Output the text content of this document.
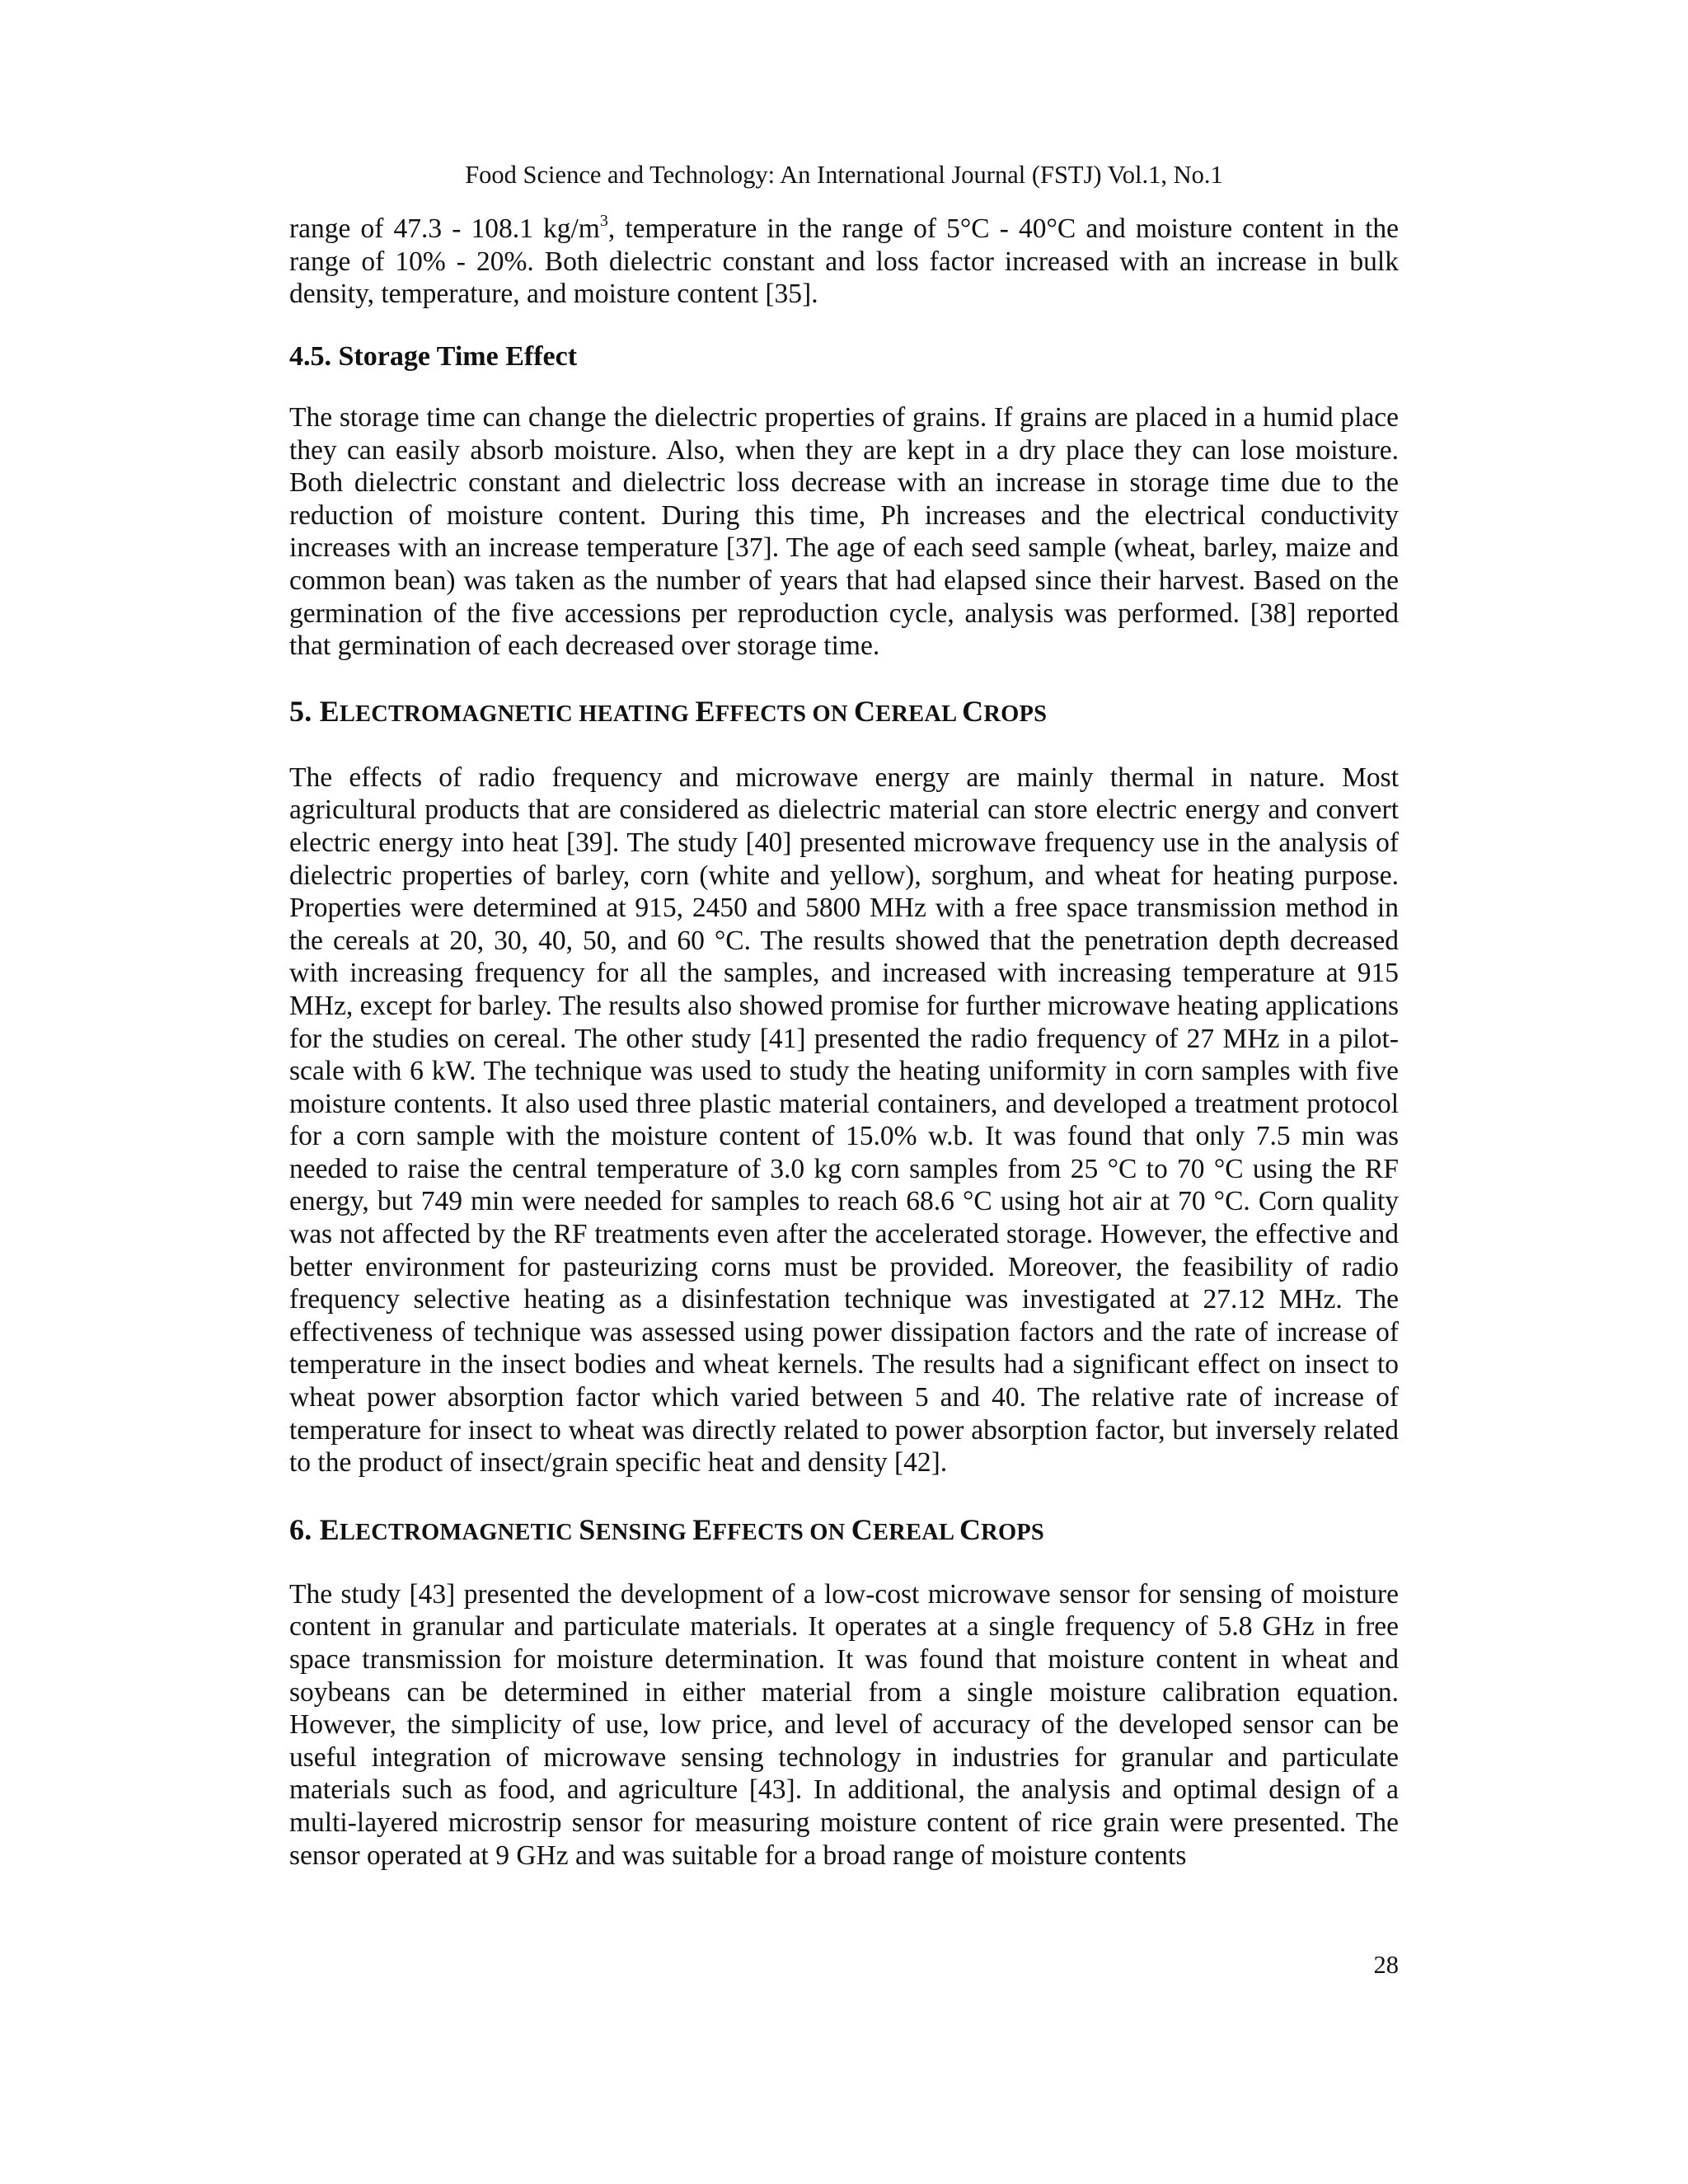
Food Science and Technology: An International Journal (FSTJ) Vol.1, No.1

range of 47.3 - 108.1 $kg/m^3$, temperature in the range of 5°C - 40°C and moisture content in the range of 10% - 20%. Both dielectric constant and loss factor increased with an increase in bulk density, temperature, and moisture content [35].

4.5. Storage Time Effect

The storage time can change the dielectric properties of grains. If grains are placed in a humid place they can easily absorb moisture. Also, when they are kept in a dry place they can lose moisture. Both dielectric constant and dielectric loss decrease with an increase in storage time due to the reduction of moisture content. During this time, Ph increases and the electrical conductivity increases with an increase temperature [37]. The age of each seed sample (wheat, barley, maize and common bean) was taken as the number of years that had elapsed since their harvest. Based on the germination of the five accessions per reproduction cycle, analysis was performed. [38] reported that germination of each decreased over storage time.

5. ELECTROMAGNETIC HEATING EFFECTS ON CEREAL CROPS

The effects of radio frequency and microwave energy are mainly thermal in nature. Most agricultural products that are considered as dielectric material can store electric energy and convert electric energy into heat [39]. The study [40] presented microwave frequency use in the analysis of dielectric properties of barley, corn (white and yellow), sorghum, and wheat for heating purpose. Properties were determined at 915, 2450 and 5800 MHz with a free space transmission method in the cereals at 20, 30, 40, 50, and 60 °C. The results showed that the penetration depth decreased with increasing frequency for all the samples, and increased with increasing temperature at 915 MHz, except for barley. The results also showed promise for further microwave heating applications for the studies on cereal. The other study [41] presented the radio frequency of 27 MHz in a pilot-scale with 6 kW. The technique was used to study the heating uniformity in corn samples with five moisture contents. It also used three plastic material containers, and developed a treatment protocol for a corn sample with the moisture content of 15.0% w.b. It was found that only 7.5 min was needed to raise the central temperature of 3.0 kg corn samples from 25 °C to 70 °C using the RF energy, but 749 min were needed for samples to reach 68.6 °C using hot air at 70 °C. Corn quality was not affected by the RF treatments even after the accelerated storage. However, the effective and better environment for pasteurizing corns must be provided. Moreover, the feasibility of radio frequency selective heating as a disinfestation technique was investigated at 27.12 MHz. The effectiveness of technique was assessed using power dissipation factors and the rate of increase of temperature in the insect bodies and wheat kernels. The results had a significant effect on insect to wheat power absorption factor which varied between 5 and 40. The relative rate of increase of temperature for insect to wheat was directly related to power absorption factor, but inversely related to the product of insect/grain specific heat and density [42].

6. ELECTROMAGNETIC SENSING EFFECTS ON CEREAL CROPS

The study [43] presented the development of a low-cost microwave sensor for sensing of moisture content in granular and particulate materials. It operates at a single frequency of 5.8 GHz in free space transmission for moisture determination. It was found that moisture content in wheat and soybeans can be determined in either material from a single moisture calibration equation. However, the simplicity of use, low price, and level of accuracy of the developed sensor can be useful integration of microwave sensing technology in industries for granular and particulate materials such as food, and agriculture [43]. In additional, the analysis and optimal design of a multi-layered microstrip sensor for measuring moisture content of rice grain were presented. The sensor operated at 9 GHz and was suitable for a broad range of moisture contents

28
